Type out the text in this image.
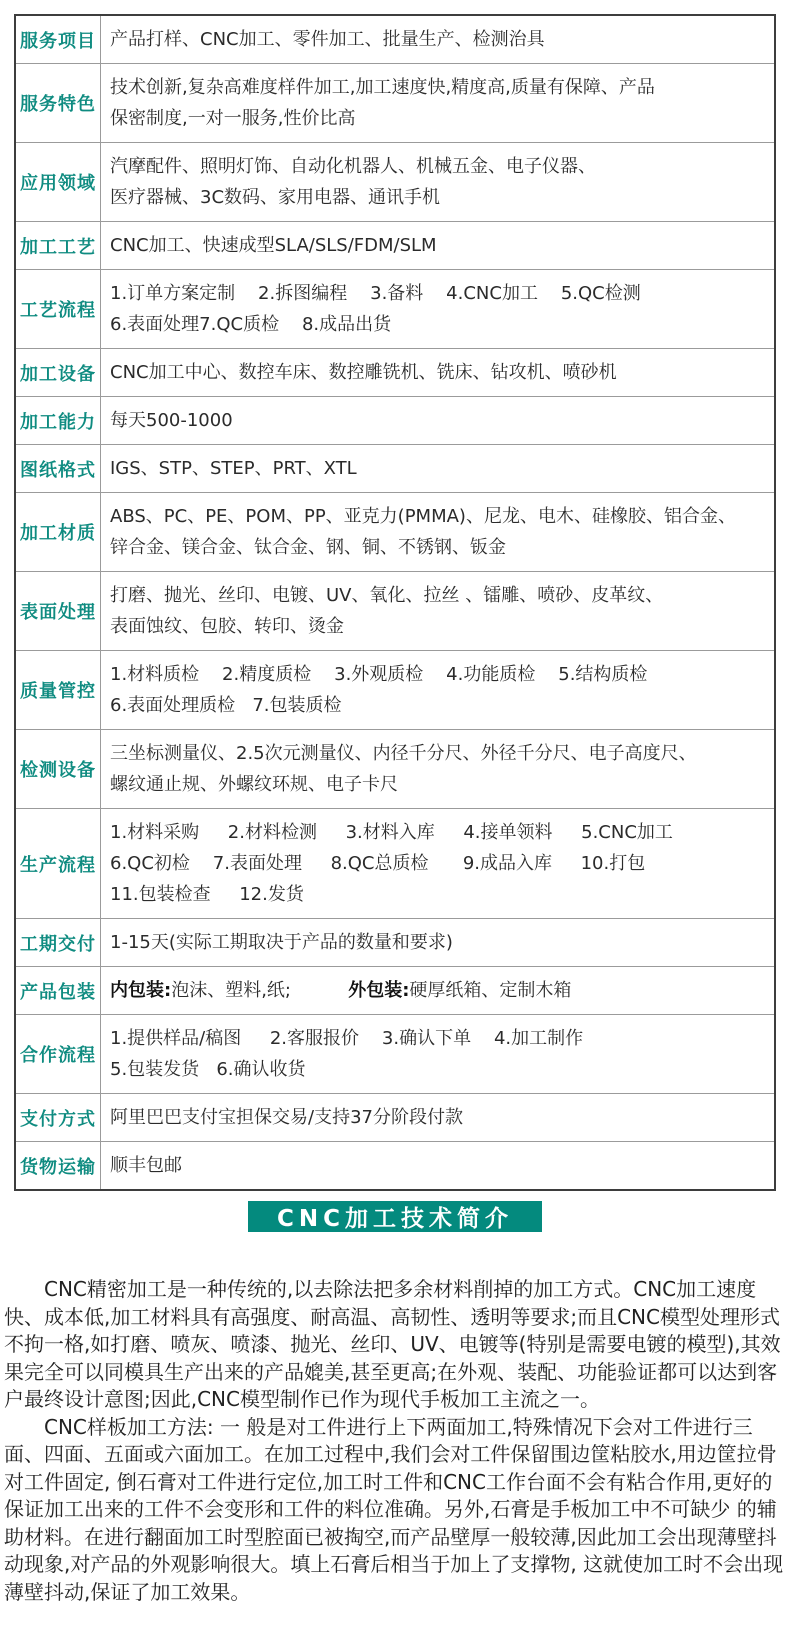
服务项目	产品打样、CNC加工、零件加工、批量生产、检测治具

服务特色	技术创新,复杂高难度样件加工,加工速度快,精度高,质量有保障、产品
保密制度,一对一服务,性价比高

应用领域	汽摩配件、照明灯饰、自动化机器人、机械五金、电子仪器、
医疗器械、3C数码、家用电器、通讯手机

加工工艺	CNC加工、快速成型SLA/SLS/FDM/SLM

工艺流程	1.订单方案定制    2.拆图编程    3.备料    4.CNC加工    5.QC检测
6.表面处理7.QC质检    8.成品出货

加工设备	CNC加工中心、数控车床、数控雕铣机、铣床、钻攻机、喷砂机

加工能力	每天500-1000

图纸格式	IGS、STP、STEP、PRT、XTL

加工材质	ABS、PC、PE、POM、PP、亚克力(PMMA)、尼龙、电木、硅橡胶、铝合金、
锌合金、镁合金、钛合金、钢、铜、不锈钢、钣金

表面处理	打磨、抛光、丝印、电镀、UV、氧化、拉丝 、镭雕、喷砂、皮革纹、
表面蚀纹、包胶、转印、烫金

质量管控	1.材料质检    2.精度质检    3.外观质检    4.功能质检    5.结构质检
6.表面处理质检   7.包装质检

检测设备	三坐标测量仪、2.5次元测量仪、内径千分尺、外径千分尺、电子高度尺、
螺纹通止规、外螺纹环规、电子卡尺

生产流程	1.材料采购     2.材料检测     3.材料入库     4.接单领料     5.CNC加工
6.QC初检    7.表面处理     8.QC总质检      9.成品入库     10.打包
11.包装检查     12.发货

工期交付	1-15天(实际工期取决于产品的数量和要求)

产品包装	内包装:泡沫、塑料,纸;          外包装:硬厚纸箱、定制木箱

合作流程	1.提供样品/稿图     2.客服报价    3.确认下单    4.加工制作
5.包装发货   6.确认收货

支付方式	阿里巴巴支付宝担保交易/支持37分阶段付款

货物运输	顺丰包邮
CNC加工技术简介

CNC精密加工是一种传统的,以去除法把多余材料削掉的加工方式。CNC加工速度快、成本低,加工材料具有高强度、耐高温、高韧性、透明等要求;而且CNC模型处理形式不拘一格,如打磨、喷灰、喷漆、抛光、丝印、UV、电镀等(特别是需要电镀的模型),其效果完全可以同模具生产出来的产品媲美,甚至更高;在外观、装配、功能验证都可以达到客户最终设计意图;因此,CNC模型制作已作为现代手板加工主流之一。

CNC样板加工方法: 一 般是对工件进行上下两面加工,特殊情况下会对工件进行三面、四面、五面或六面加工。在加工过程中,我们会对工件保留围边筐粘胶水,用边筐拉骨对工件固定, 倒石膏对工件进行定位,加工时工件和CNC工作台面不会有粘合作用,更好的保证加工出来的工件不会变形和工件的料位准确。另外,石膏是手板加工中不可缺少 的辅助材料。在进行翻面加工时型腔面已被掏空,而产品壁厚一般较薄,因此加工会出现薄壁抖动现象,对产品的外观影响很大。填上石膏后相当于加上了支撑物, 这就使加工时不会出现薄壁抖动,保证了加工效果。
